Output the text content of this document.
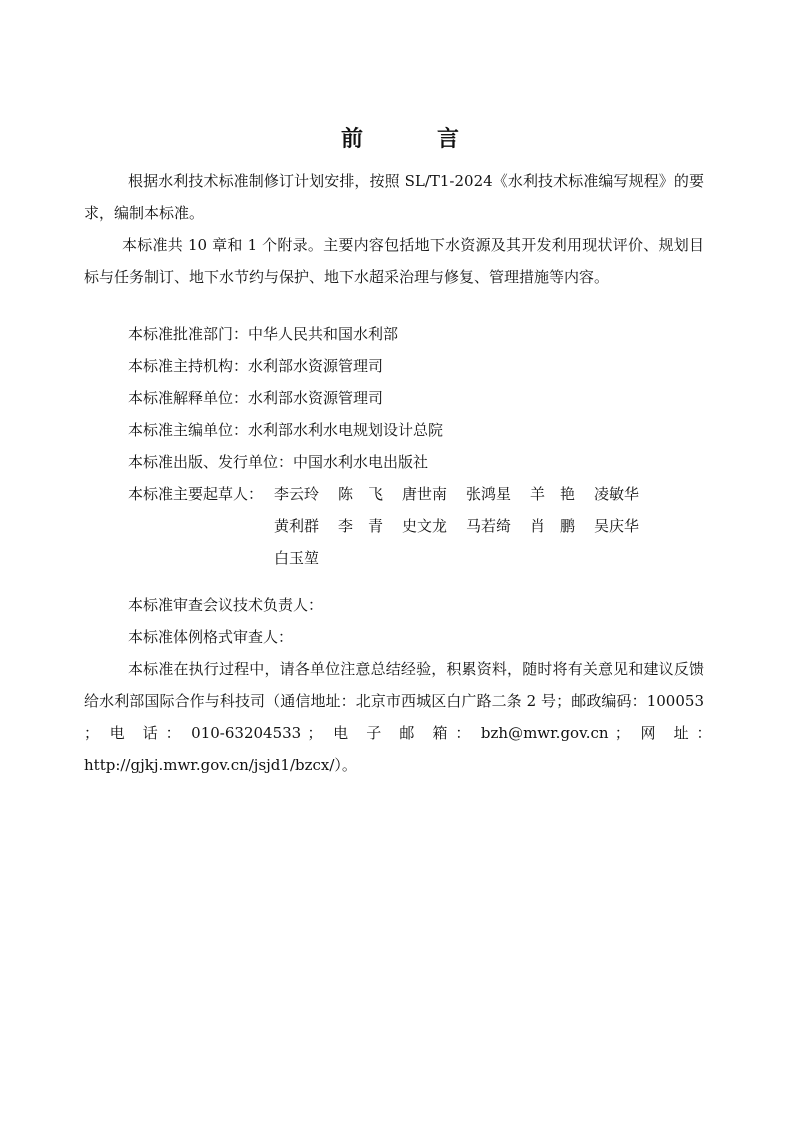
前　言
根据水利技术标准制修订计划安排，按照 SL/T1-2024《水利技术标准编写规程》的要求，编制本标准。
本标准共 10 章和 1 个附录。主要内容包括地下水资源及其开发利用现状评价、规划目标与任务制订、地下水节约与保护、地下水超采治理与修复、管理措施等内容。
本标准批准部门：中华人民共和国水利部
本标准主持机构：水利部水资源管理司
本标准解释单位：水利部水资源管理司
本标准主编单位：水利部水利水电规划设计总院
本标准出版、发行单位：中国水利水电出版社
本标准主要起草人： 李云玲 陈　飞 唐世南 张鸿星 羊　艳 凌敏华
黄利群 李　青 史文龙 马若绮 肖　鹏 吴庆华
白玉堃
本标准审查会议技术负责人：
本标准体例格式审查人：
本标准在执行过程中，请各单位注意总结经验，积累资料，随时将有关意见和建议反馈给水利部国际合作与科技司（通信地址：北京市西城区白广路二条 2 号；邮政编码：100053 ；　电　话 ：　010-63204533 ；　电　子　邮　箱 ：　bzh@mwr.gov.cn ；　网　址 ：　http://gjkj.mwr.gov.cn/jsjd1/bzcx/）。
